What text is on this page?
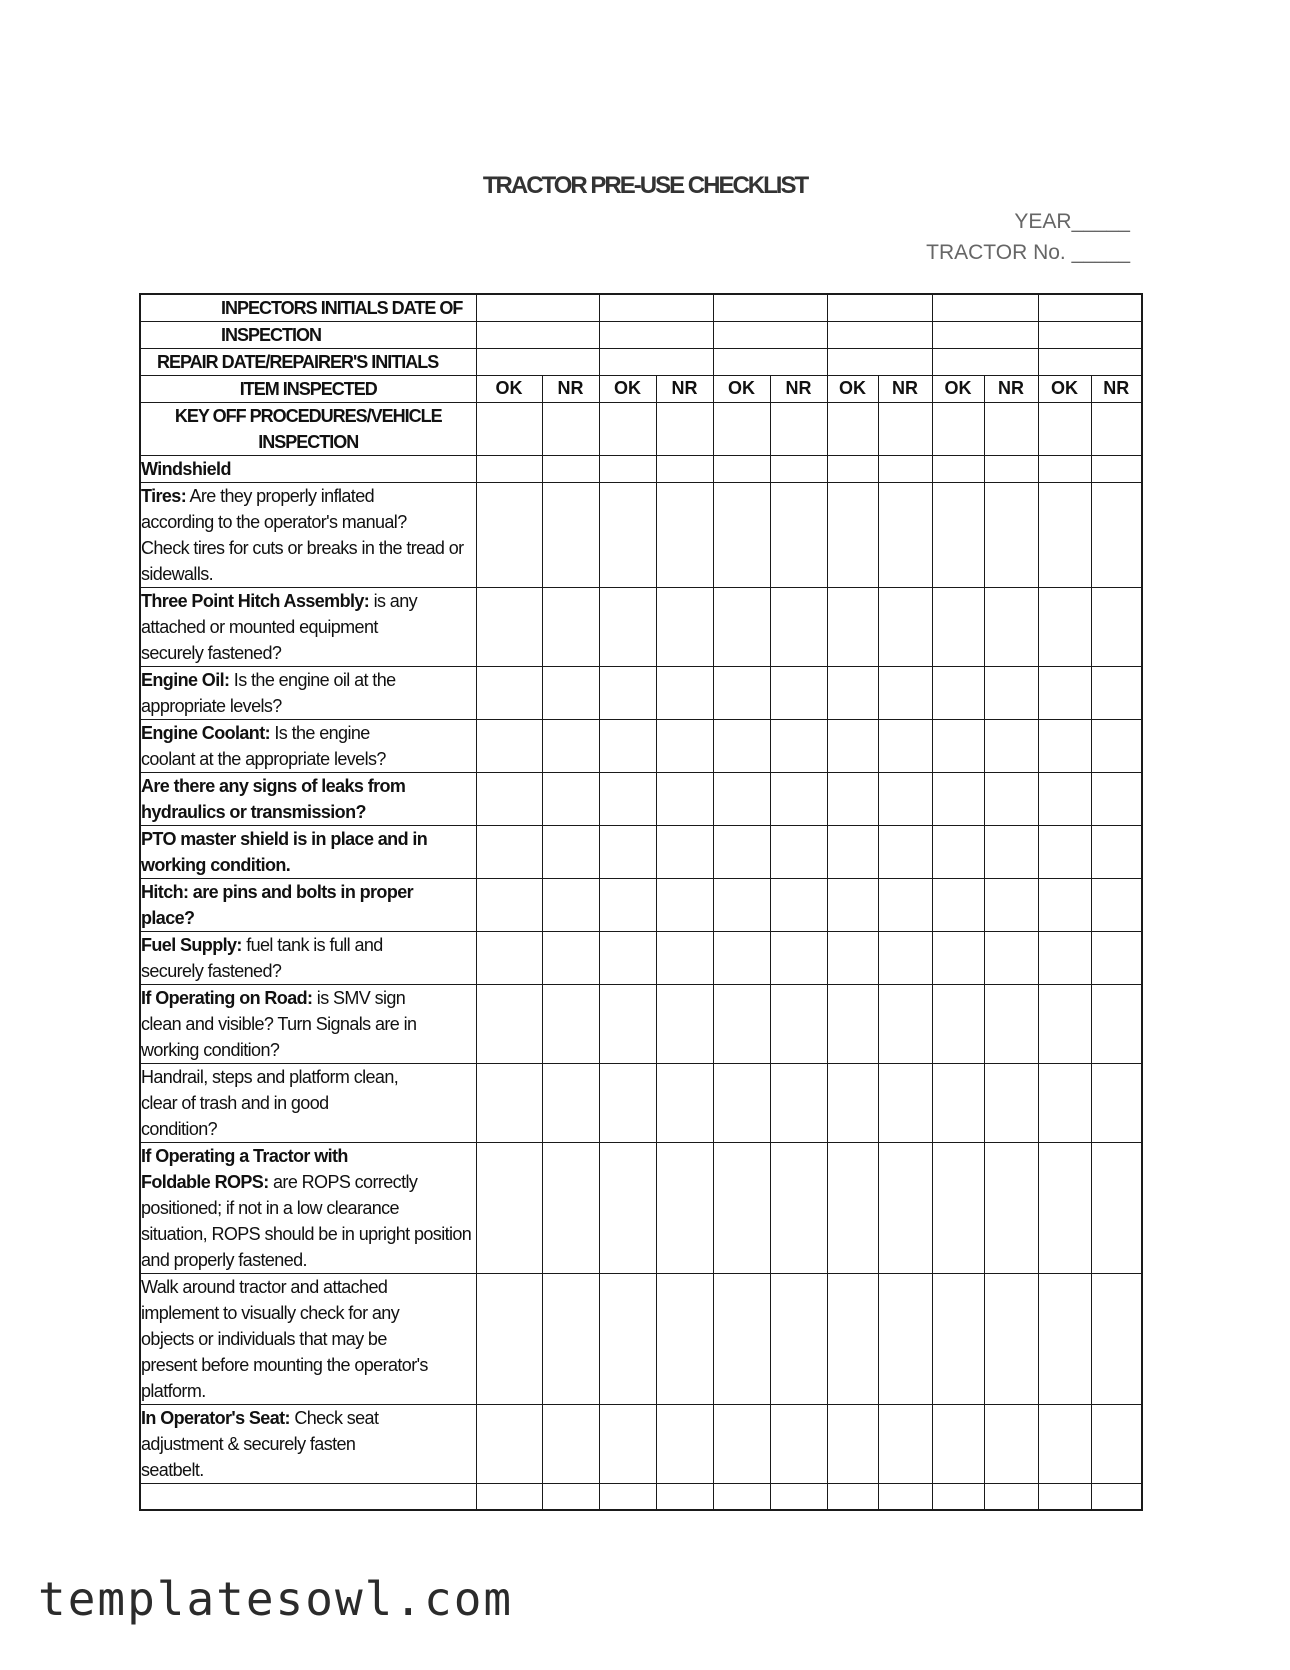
TRACTOR PRE-USE CHECKLIST
YEAR_____
TRACTOR No. _____
INPECTORS INITIALS DATE OF												
INSPECTION												
REPAIR DATE/REPAIRER'S INITIALS												
ITEM INSPECTED	OK	NR	OK	NR	OK	NR	OK	NR	OK	NR	OK	NR

KEY OFF PROCEDURES/VEHICLE
INSPECTION												

Windshield												
Tires: Are they properly inflated
according to the operator's manual?
Check tires for cuts or breaks in the tread or
sidewalls.												
Three Point Hitch Assembly: is any
attached or mounted equipment
securely fastened?												
Engine Oil: Is the engine oil at the
appropriate levels?												
Engine Coolant: Is the engine
coolant at the appropriate levels?												
Are there any signs of leaks from
hydraulics or transmission?												
PTO master shield is in place and in
working condition.												
Hitch: are pins and bolts in proper
place?												
Fuel Supply: fuel tank is full and
securely fastened?												
If Operating on Road: is SMV sign
clean and visible? Turn Signals are in
working condition?												
Handrail, steps and platform clean,
clear of trash and in good
condition?												
If Operating a Tractor with
Foldable ROPS: are ROPS correctly
positioned; if not in a low clearance
situation, ROPS should be in upright position
and properly fastened.												
Walk around tractor and attached
implement to visually check for any
objects or individuals that may be
present before mounting the operator's
platform.												
In Operator's Seat: Check seat
adjustment & securely fasten
seatbelt.												

templatesowl.com
